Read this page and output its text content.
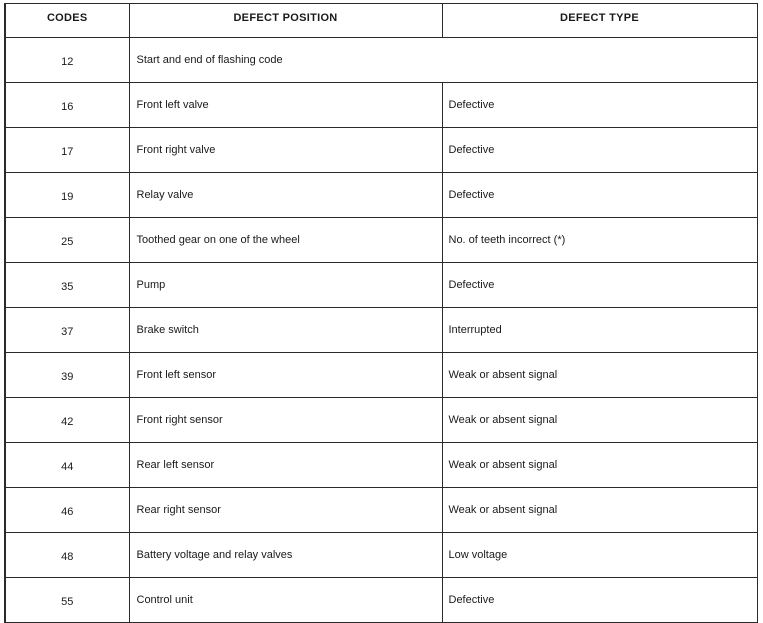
CODES	DEFECT POSITION	DEFECT TYPE
12	Start and end of flashing code	
16	Front left valve	Defective
17	Front right valve	Defective
19	Relay valve	Defective
25	Toothed gear on one of the wheel	No. of teeth incorrect (*)
35	Pump	Defective
37	Brake switch	Interrupted
39	Front left sensor	Weak or absent signal
42	Front right sensor	Weak or absent signal
44	Rear left sensor	Weak or absent signal
46	Rear right sensor	Weak or absent signal
48	Battery voltage and relay valves	Low voltage
55	Control unit	Defective
